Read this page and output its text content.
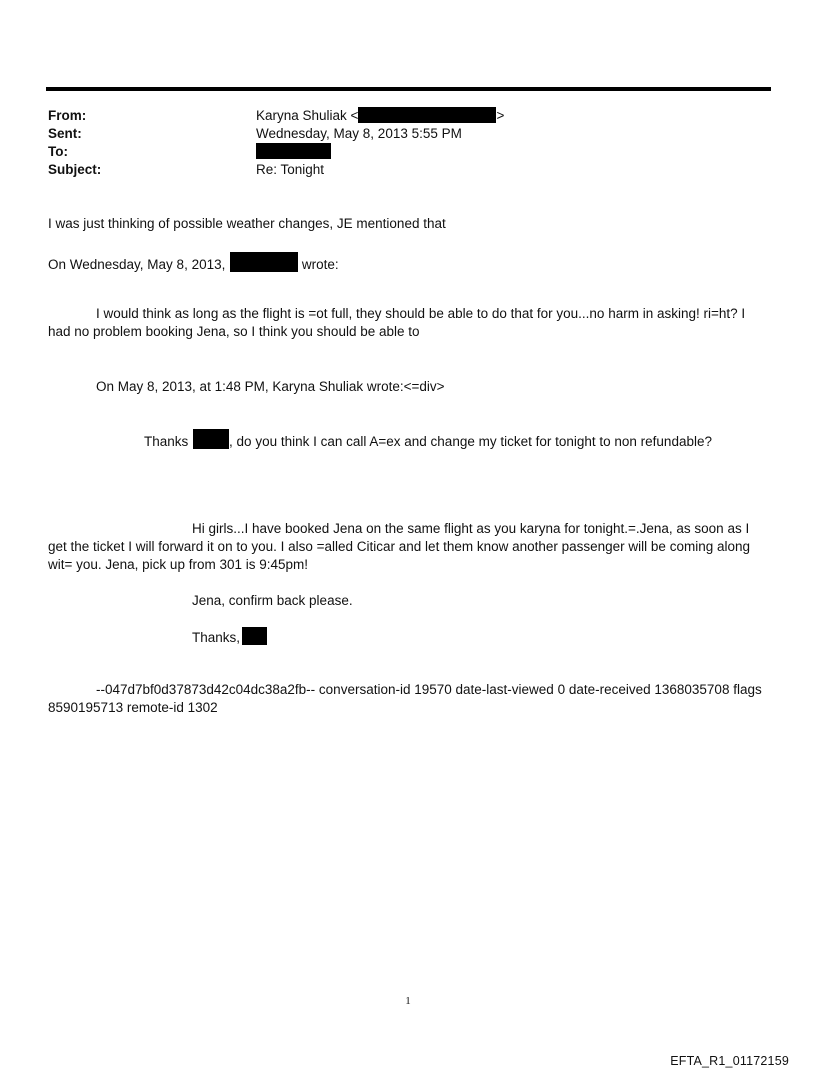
From:	Karyna Shuliak <	>
Sent:	Wednesday, May 8, 2013 5:55 PM
To:
Subject:	Re: Tonight
I was just thinking of possible weather changes, JE mentioned that
On Wednesday, May 8, 2013,	wrote:
I would think as long as the flight is =ot full, they should be able to do that for you...no harm in asking! ri=ht? I had no problem booking Jena, so I think you should be able to
On May 8, 2013, at 1:48 PM, Karyna Shuliak wrote:<=div>
Thanks	, do you think I can call A=ex and change my ticket for tonight to non refundable?
Hi girls...I have booked Jena on the same flight as you karyna for tonight.=.Jena, as soon as I get the ticket I will forward it on to you. I also =alled Citicar and let them know another passenger will be coming along wit= you. Jena, pick up from 301 is 9:45pm!
Jena, confirm back please.
Thanks,
--047d7bf0d37873d42c04dc38a2fb-- conversation-id 19570 date-last-viewed 0 date-received 1368035708 flags 8590195713 remote-id 1302
1
EFTA_R1_01172159
